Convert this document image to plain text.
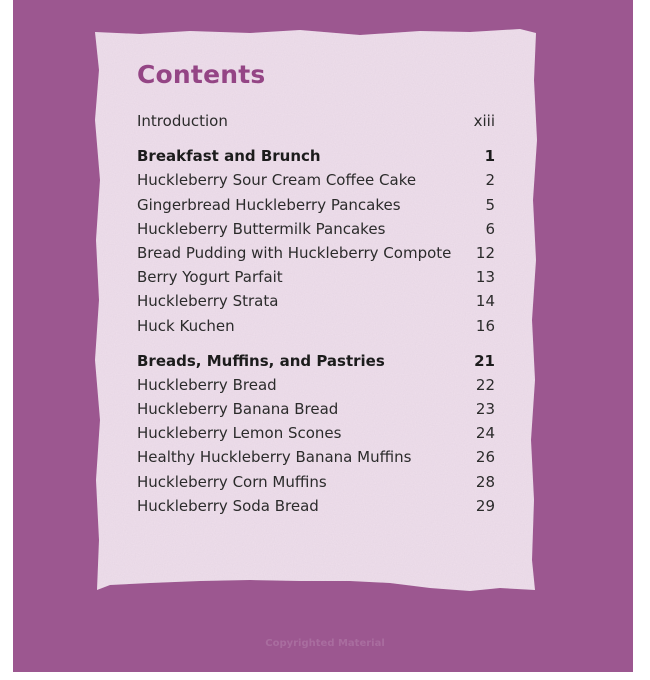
Contents
Introduction	xiii
Breakfast and Brunch	1
Huckleberry Sour Cream Coffee Cake	2
Gingerbread Huckleberry Pancakes	5
Huckleberry Buttermilk Pancakes	6
Bread Pudding with Huckleberry Compote	12
Berry Yogurt Parfait	13
Huckleberry Strata	14
Huck Kuchen	16
Breads, Muffins, and Pastries	21
Huckleberry Bread	22
Huckleberry Banana Bread	23
Huckleberry Lemon Scones	24
Healthy Huckleberry Banana Muffins	26
Huckleberry Corn Muffins	28
Huckleberry Soda Bread	29
Copyrighted Material
